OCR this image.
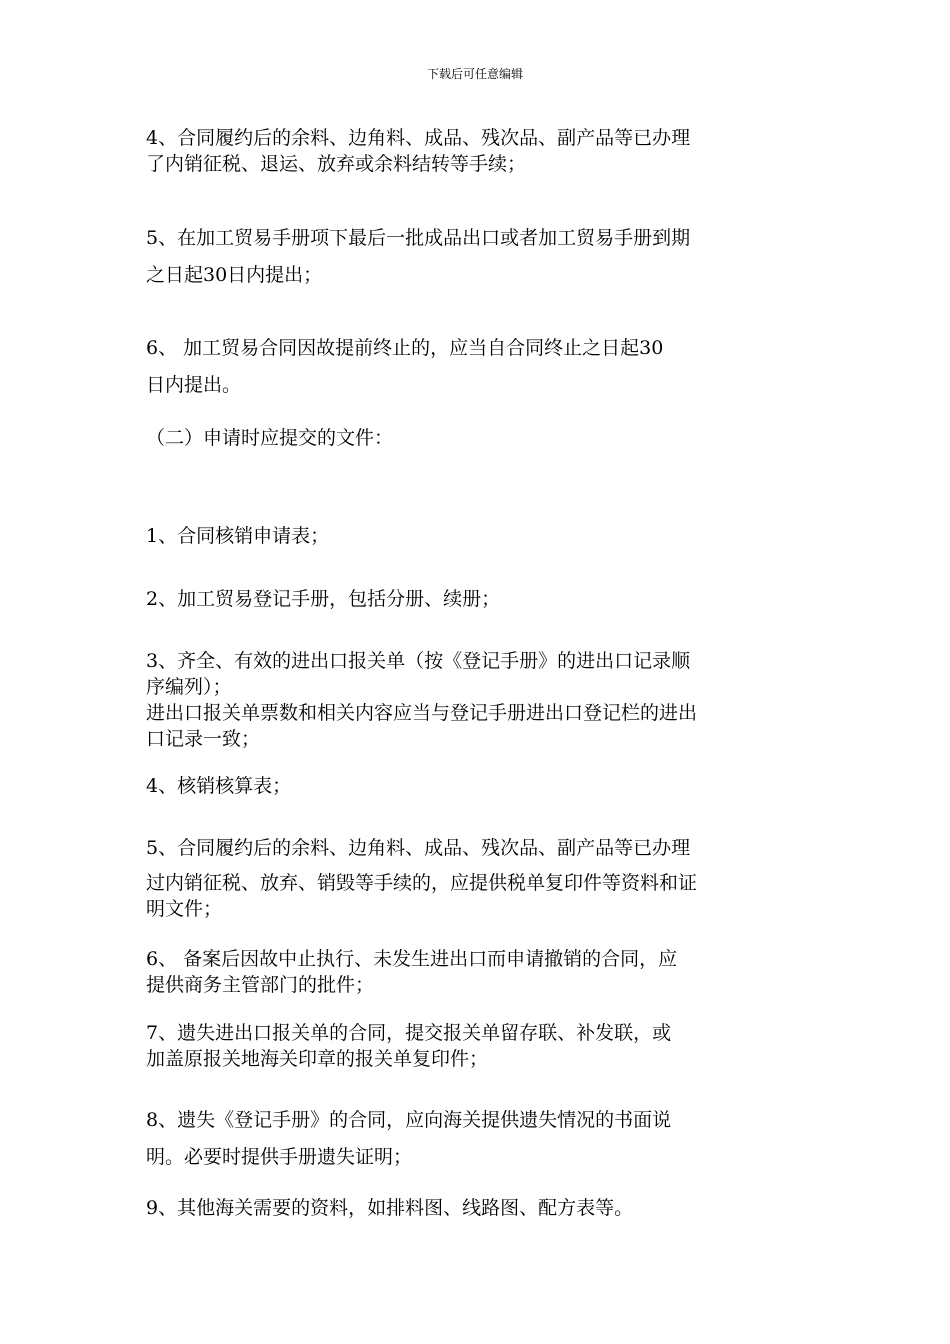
下载后可任意编辑
4、合同履约后的余料、边角料、成品、残次品、副产品等已办理
了内销征税、退运、放弃或余料结转等手续；
5、在加工贸易手册项下最后一批成品出口或者加工贸易手册到期
之日起30日内提出；
6、 加工贸易合同因故提前终止的，应当自合同终止之日起30
日内提出。
（二）申请时应提交的文件：
1、合同核销申请表；
2、加工贸易登记手册，包括分册、续册；
3、齐全、有效的进出口报关单（按《登记手册》的进出口记录顺
序编列）；
进出口报关单票数和相关内容应当与登记手册进出口登记栏的进出
口记录一致；
4、核销核算表；
5、合同履约后的余料、边角料、成品、残次品、副产品等已办理
过内销征税、放弃、销毁等手续的，应提供税单复印件等资料和证
明文件；
6、 备案后因故中止执行、未发生进出口而申请撤销的合同，应
提供商务主管部门的批件；
7、遗失进出口报关单的合同，提交报关单留存联、补发联，或
加盖原报关地海关印章的报关单复印件；
8、遗失《登记手册》的合同，应向海关提供遗失情况的书面说
明。必要时提供手册遗失证明；
9、其他海关需要的资料，如排料图、线路图、配方表等。
